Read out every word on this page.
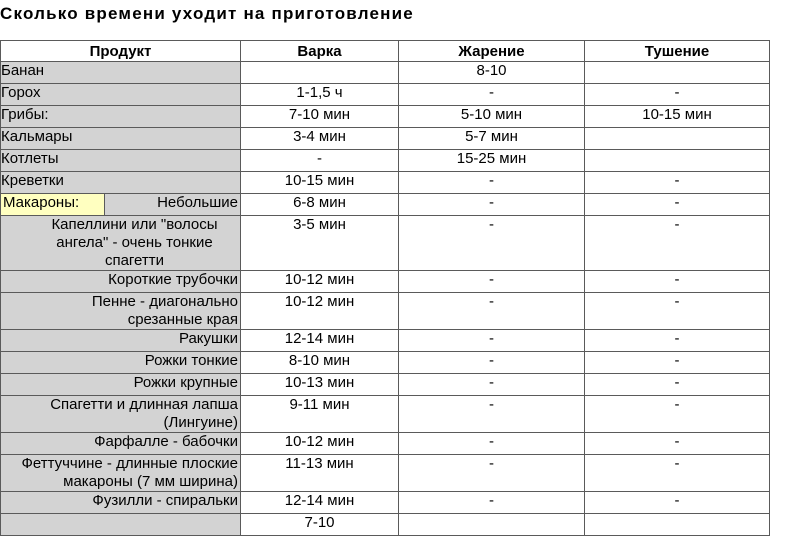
Сколько времени уходит на приготовление
Продукт	Варка	Жарение	Тушение
Банан		8-10	
Горох	1-1,5 ч	-	-
Грибы:	7-10 мин	5-10 мин	10-15 мин
Кальмары	3-4 мин	5-7 мин	
Котлеты	-	15-25 мин	
Креветки	10-15 мин	-	-

Макароны: Небольшие	6-8 мин	-	-
Капеллини или "волосы ангела" - очень тонкие спагетти	3-5 мин	-	-
Короткие трубочки	10-12 мин	-	-
Пенне - диагонально срезанные края	10-12 мин	-	-
Ракушки	12-14 мин	-	-
Рожки тонкие	8-10 мин	-	-
Рожки крупные	10-13 мин	-	-
Спагетти и длинная лапша (Лингуине)	9-11 мин	-	-
Фарфалле - бабочки	10-12 мин	-	-
Феттуччине - длинные плоские макароны (7 мм ширина)	11-13 мин	-	-
Фузилли - спиральки	12-14 мин	-	-
	7-10		
